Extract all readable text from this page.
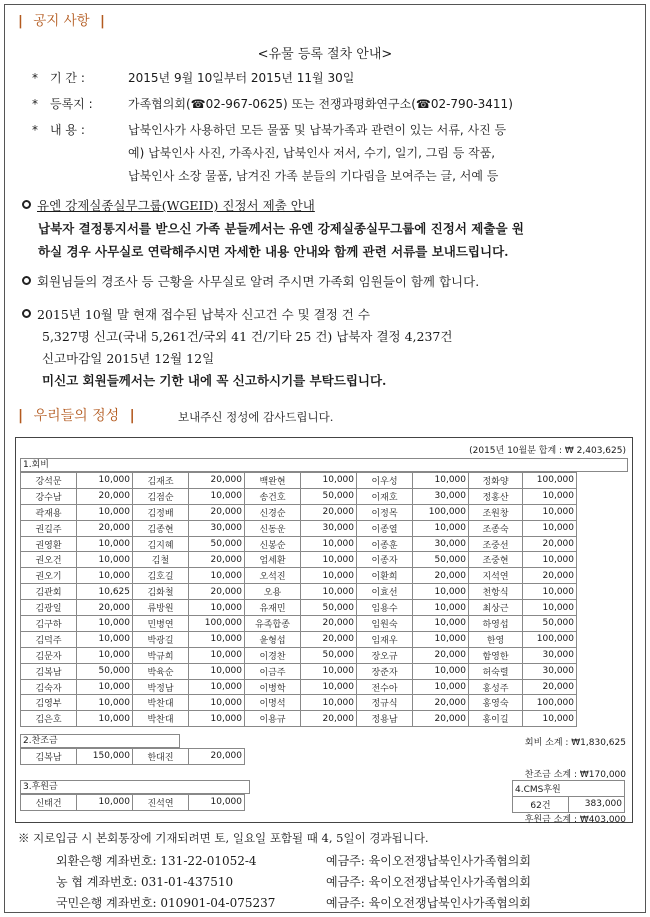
| 공지 사항 |
<유물 등록 절차 안내>
* 기 간 :	2015년 9월 10일부터 2015년 11월 30일
* 등록지 :	가족협의회(☎02-967-0625) 또는 전쟁과평화연구소(☎02-790-3411)
* 내 용 :	납북인사가 사용하던 모든 물품 및 납북가족과 관련이 있는 서류, 사진 등
예) 납북인사 사진, 가족사진, 납북인사 저서, 수기, 일기, 그림 등 작품,
납북인사 소장 물품, 남겨진 가족 분들의 기다림을 보여주는 글, 서예 등
유엔 강제실종실무그룹(WGEID) 진정서 제출 안내
납북자 결정통지서를 받으신 가족 분들께서는 유엔 강제실종실무그룹에 진정서 제출을 원
하실 경우 사무실로 연락해주시면 자세한 내용 안내와 함께 관련 서류를 보내드립니다.
회원님들의 경조사 등 근황을 사무실로 알려 주시면 가족회 임원들이 함께 합니다.
2015년 10월 말 현재 접수된 납북자 신고건 수 및 결정 건 수
5,327명 신고(국내 5,261건/국외 41 건/기타 25 건) 납북자 결정 4,237건
신고마감일 2015년 12월 12일
미신고 회원들께서는 기한 내에 꼭 신고하시기를 부탁드립니다.
| 우리들의 정성 |	보내주신 정성에 감사드립니다.
(2015년 10월분 합계 : ₩ 2,403,625)
1.회비
강석문	10,000	김재조	20,000	백완현	10,000	이우성	10,000	정화양	100,000
강수남	20,000	김점순	10,000	송건호	50,000	이재호	30,000	정홍산	10,000
곽재용	10,000	김정배	20,000	신경순	20,000	이정목	100,000	조원창	10,000
권길주	20,000	김종현	30,000	신동운	30,000	이종열	10,000	조종숙	10,000
권영환	10,000	김지혜	50,000	신봉순	10,000	이종훈	30,000	조중선	20,000
권오건	10,000	김철	20,000	엄세환	10,000	이종자	50,000	조중현	10,000
권오기	10,000	김호길	10,000	오석진	10,000	이환희	20,000	지석연	20,000
김관회	10,625	김화철	20,000	오용	10,000	이효선	10,000	천항식	10,000
김광일	20,000	류방원	10,000	유재민	50,000	임용수	10,000	최상근	10,000
김구하	10,000	민병연	100,000	유족합종	20,000	임원숙	10,000	하영섭	50,000
김덕주	10,000	박광길	10,000	윤형섭	20,000	임재우	10,000	한영	100,000
김문자	10,000	박규희	10,000	이경찬	50,000	장오규	20,000	함영한	30,000
김복남	50,000	박육순	10,000	이금주	10,000	장준자	10,000	허숙렬	30,000
김숙자	10,000	박정남	10,000	이병학	10,000	전수아	10,000	홍성주	20,000
김영부	10,000	박찬대	10,000	이명석	10,000	정규식	20,000	홍영숙	100,000
김은호	10,000	박찬대	10,000	이용규	20,000	정용남	20,000	홍이길	10,000
회비 소계 : ₩1,830,625
2.찬조금
김복남	150,000	한대진	20,000
찬조금 소계 : ₩170,000
3.후원금
신태건	10,000	진석연	10,000
4.CMS후원
62건	383,000
후원금 소계 : ₩403,000
※ 지로입금 시 본회통장에 기재되려면 토, 일요일 포함될 때 4, 5일이 경과됩니다.
외환은행 계좌번호: 131-22-01052-4	예금주: 육이오전쟁납북인사가족협의회
농 협 계좌번호: 031-01-437510	예금주: 육이오전쟁납북인사가족협의회
국민은행 계좌번호: 010901-04-075237	예금주: 육이오전쟁납북인사가족협의회
